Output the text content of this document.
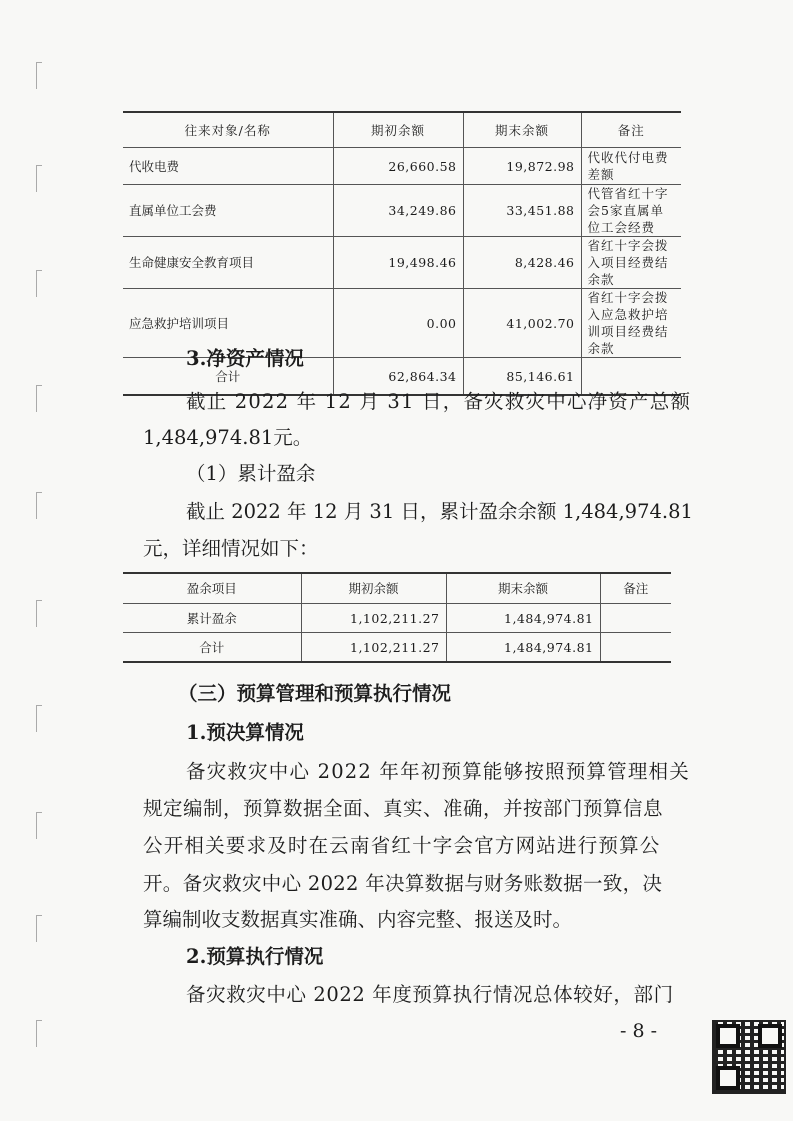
往来对象/名称	期初余额	期末余额	备注
代收电费	26,660.58	19,872.98	代收代付电费差额
直属单位工会费	34,249.86	33,451.88	代管省红十字会5家直属单位工会经费
生命健康安全教育项目	19,498.46	8,428.46	省红十字会拨入项目经费结余款
应急救护培训项目	0.00	41,002.70	省红十字会拨入应急救护培训项目经费结余款
合计	62,864.34	85,146.61	
3.净资产情况
截止 2022 年 12 月 31 日，备灾救灾中心净资产总额
1,484,974.81元。
（1）累计盈余
截止 2022 年 12 月 31 日，累计盈余余额 1,484,974.81
元，详细情况如下：
盈余项目	期初余额	期末余额	备注
累计盈余	1,102,211.27	1,484,974.81	
合计	1,102,211.27	1,484,974.81	
（三）预算管理和预算执行情况
1.预决算情况
备灾救灾中心 2022 年年初预算能够按照预算管理相关
规定编制，预算数据全面、真实、准确，并按部门预算信息
公开相关要求及时在云南省红十字会官方网站进行预算公
开。备灾救灾中心 2022 年决算数据与财务账数据一致，决
算编制收支数据真实准确、内容完整、报送及时。
2.预算执行情况
备灾救灾中心 2022 年度预算执行情况总体较好，部门
- 8 -
